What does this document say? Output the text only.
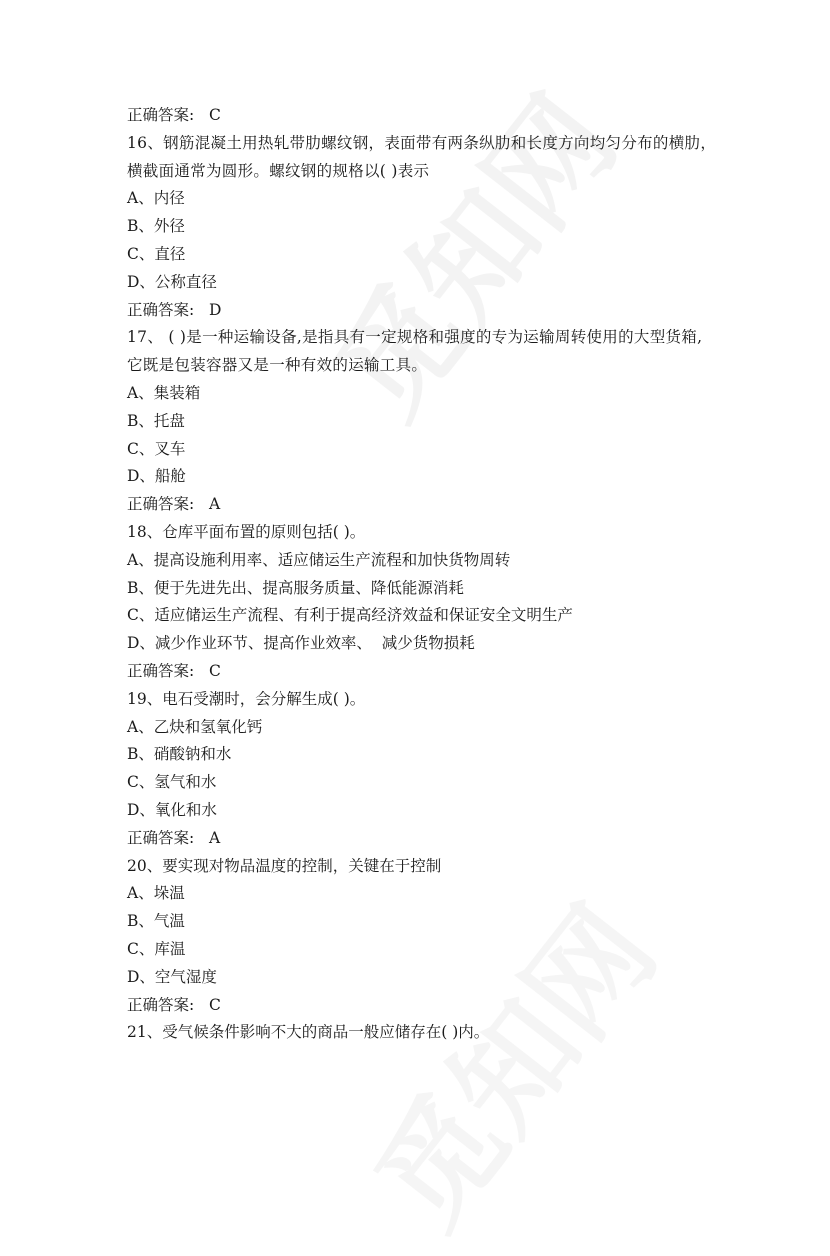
正确答案:   C
16、钢筋混凝土用热轧带肋螺纹钢，表面带有两条纵肋和长度方向均匀分布的横肋，横截面通常为圆形。螺纹钢的规格以( )表示
A、内径
B、外径
C、直径
D、公称直径
正确答案:   D
17、 ( )是一种运输设备,是指具有一定规格和强度的专为运输周转使用的大型货箱,它既是包装容器又是一种有效的运输工具。
A、集装箱
B、托盘
C、叉车
D、船舱
正确答案:   A
18、仓库平面布置的原则包括( )。
A、提高设施利用率、适应储运生产流程和加快货物周转
B、便于先进先出、提高服务质量、降低能源消耗
C、适应储运生产流程、有利于提高经济效益和保证安全文明生产
D、减少作业环节、提高作业效率、  减少货物损耗
正确答案:   C
19、电石受潮时，会分解生成( )。
A、乙炔和氢氧化钙
B、硝酸钠和水
C、氢气和水
D、氧化和水
正确答案:   A
20、要实现对物品温度的控制，关键在于控制
A、垛温
B、气温
C、库温
D、空气湿度
正确答案:   C
21、受气候条件影响不大的商品一般应储存在( )内。
